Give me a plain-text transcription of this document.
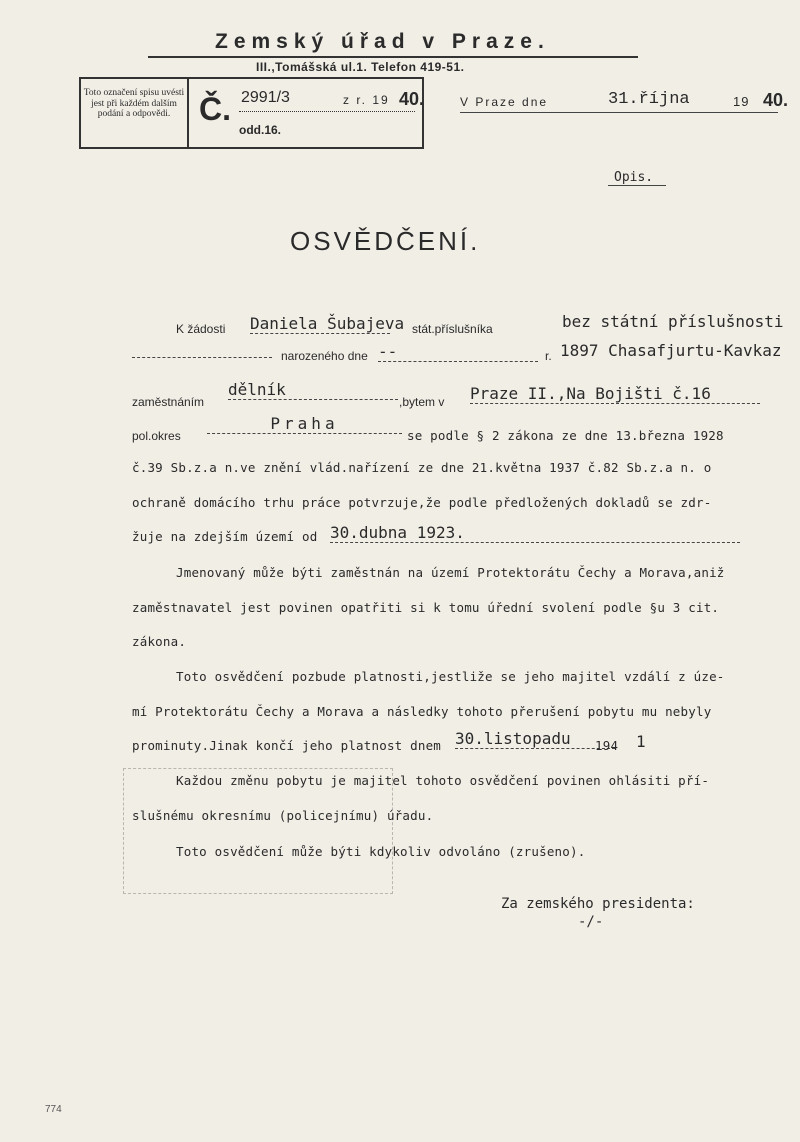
Zemský úřad v Praze.
III.,Tomášská ul.1. Telefon 419-51.
Toto označení spisu uvésti jest při každém dalším podání a odpovědi. Č. 2991/3	z r. 19 40.
odd.16.
V Praze dne	31.října	19 40.
Opis.
OSVĚDČENÍ.
K žádosti Daniela Šubajeva stát.příslušníka	bez státní příslušnosti
narozeného dne --	r. 1897 Chasafjurtu-Kavkaz
zaměstnáním
dělník
,bytem v Praze II.,Na Bojišti č.16
pol.okres
Praha
se podle § 2 zákona ze dne 13.března 1928
č.39 Sb.z.a n.ve znění vlád.nařízení ze dne 21.května 1937 č.82 Sb.z.a n. o
ochraně domácího trhu práce potvrzuje,že podle předložených dokladů se zdr-
žuje na zdejším území od 30.dubna 1923.
Jmenovaný může býti zaměstnán na území Protektorátu Čechy a Morava,aniž
zaměstnavatel jest povinen opatřiti si k tomu úřední svolení podle §u 3 cit.
zákona.
Toto osvědčení pozbude platnosti,jestliže se jeho majitel vzdálí z úze-
mí Protektorátu Čechy a Morava a následky tohoto přerušení pobytu mu nebyly
prominuty.Jinak končí jeho platnost dnem 30.listopadu	194 1
Každou změnu pobytu je majitel tohoto osvědčení povinen ohlásiti pří-
slušnému okresnímu (policejnímu) úřadu.
Toto osvědčení může býti kdykoliv odvoláno (zrušeno).
Za zemského presidenta:
-/-
774
